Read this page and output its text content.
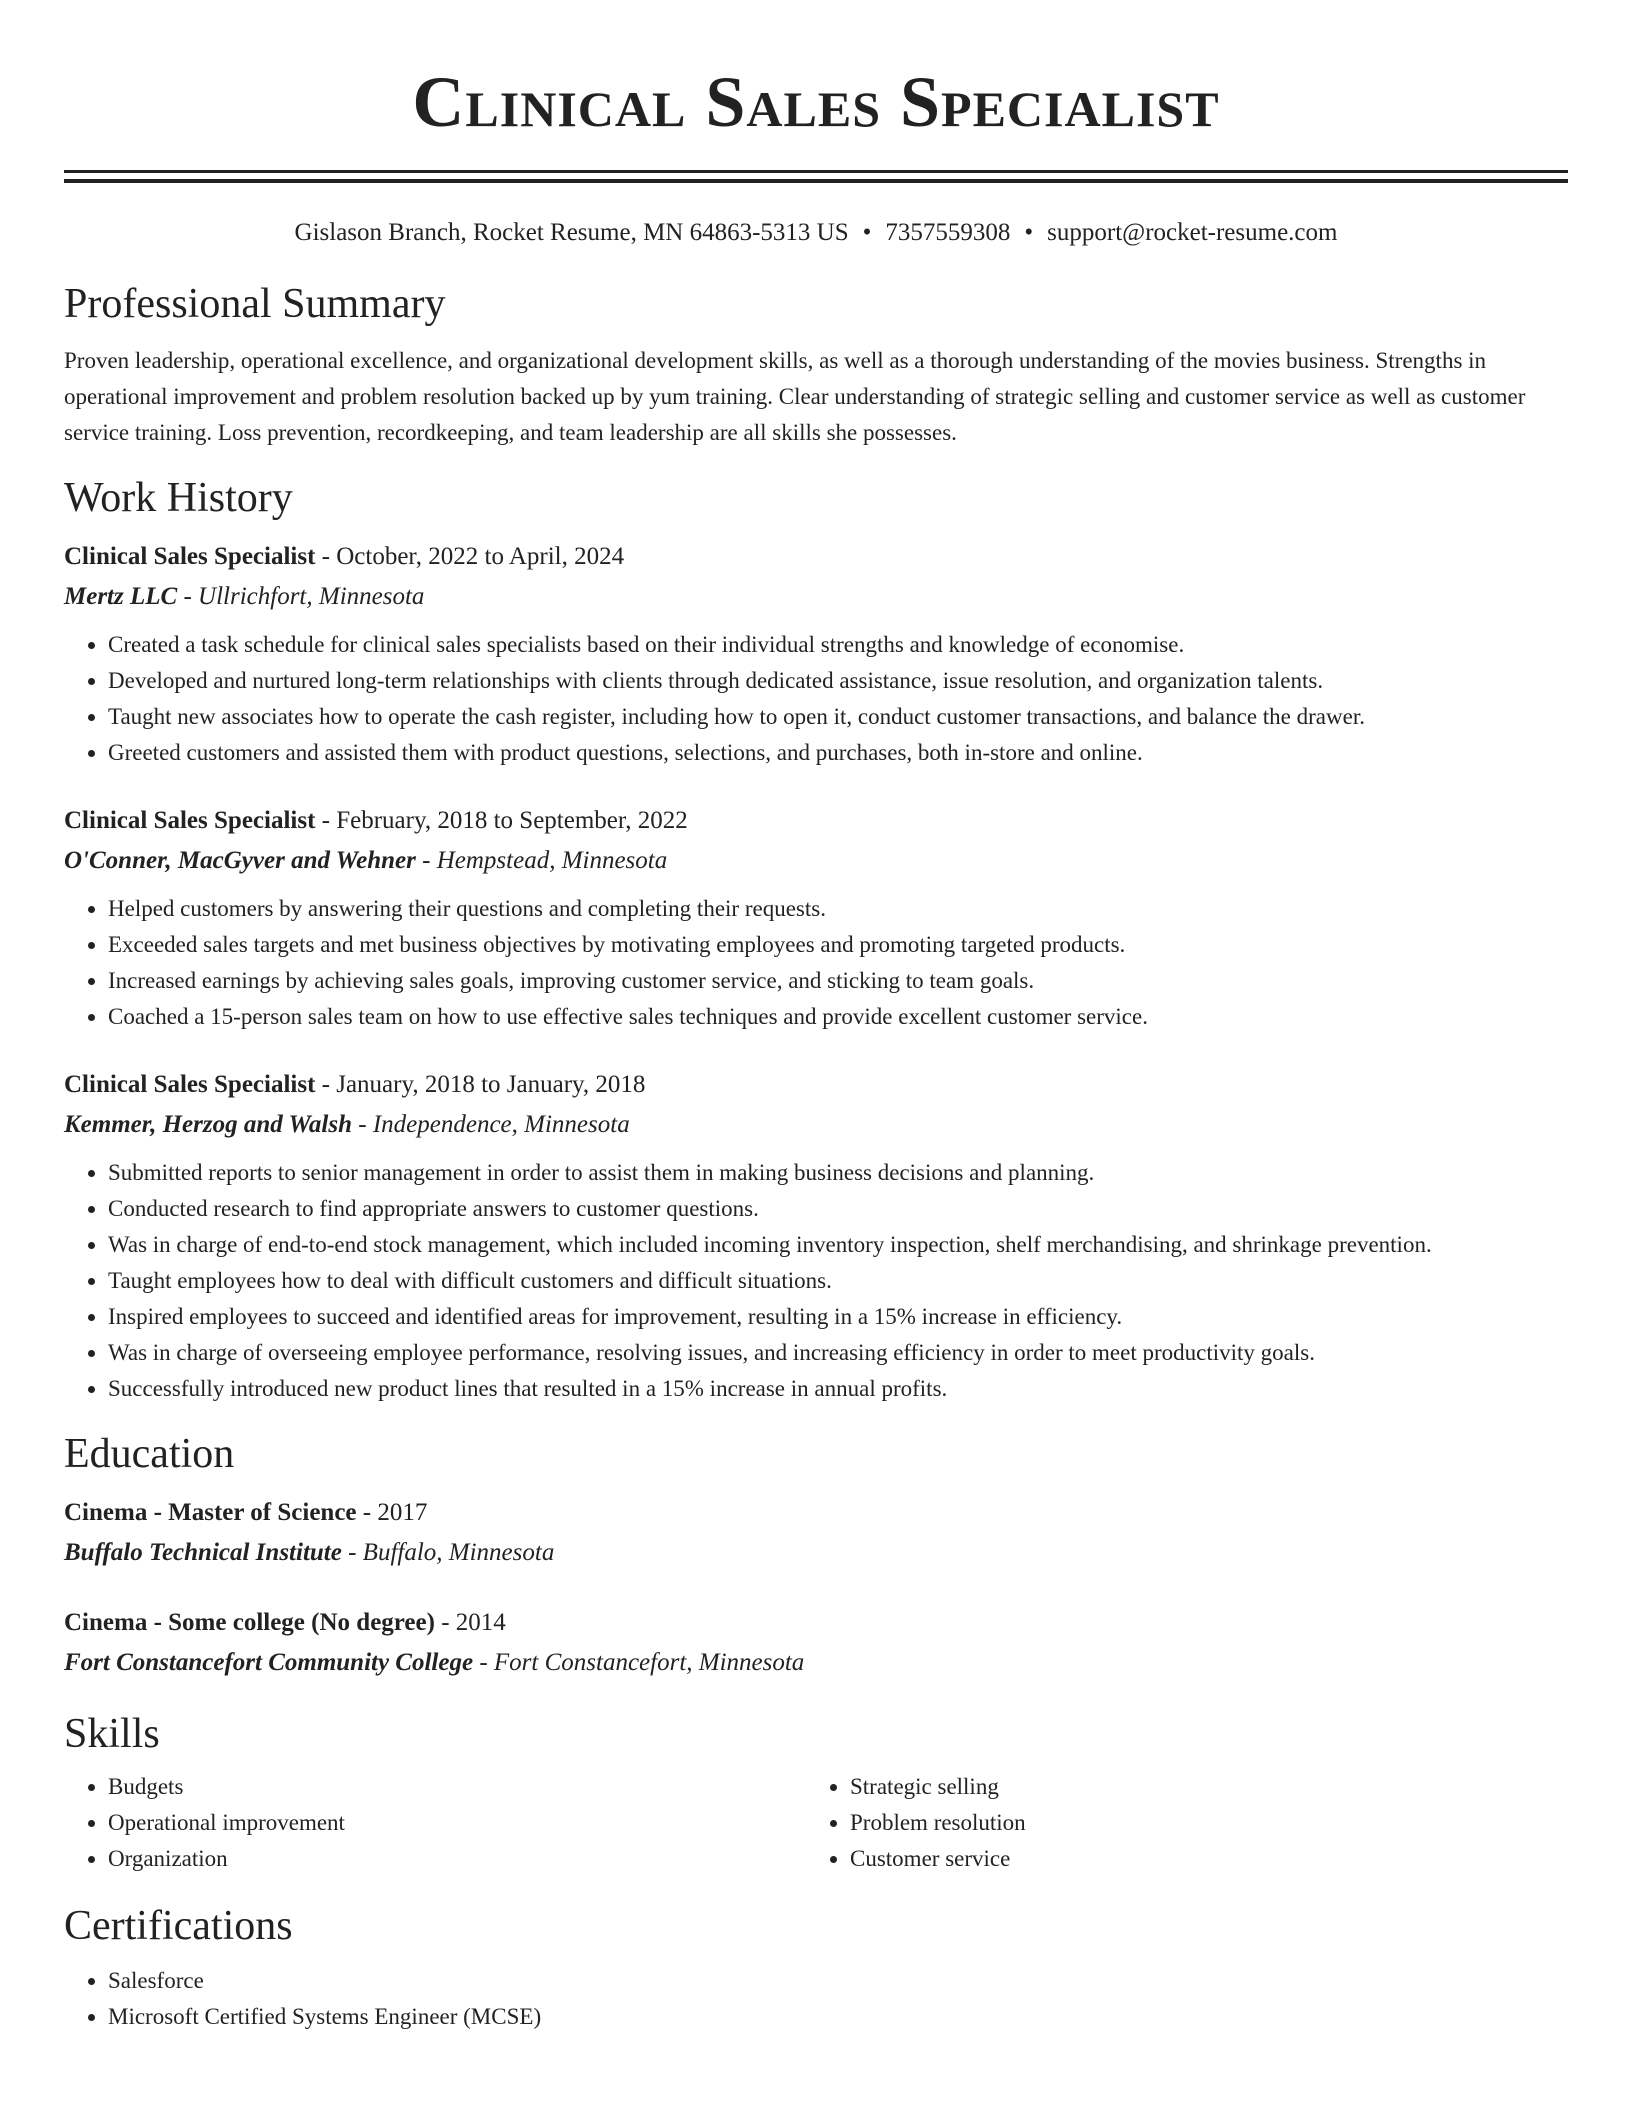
Clinical Sales Specialist
Gislason Branch, Rocket Resume, MN 64863-5313 US • 7357559308 • support@rocket-resume.com
Professional Summary

Proven leadership, operational excellence, and organizational development skills, as well as a thorough understanding of the movies business. Strengths in operational improvement and problem resolution backed up by yum training. Clear understanding of strategic selling and customer service as well as customer service training. Loss prevention, recordkeeping, and team leadership are all skills she possesses.

Work History
Clinical Sales Specialist - October, 2022 to April, 2024
Mertz LLC - Ullrichfort, Minnesota
• Created a task schedule for clinical sales specialists based on their individual strengths and knowledge of economise.
• Developed and nurtured long-term relationships with clients through dedicated assistance, issue resolution, and organization talents.
• Taught new associates how to operate the cash register, including how to open it, conduct customer transactions, and balance the drawer.
• Greeted customers and assisted them with product questions, selections, and purchases, both in-store and online.
Clinical Sales Specialist - February, 2018 to September, 2022
O'Conner, MacGyver and Wehner - Hempstead, Minnesota
• Helped customers by answering their questions and completing their requests.
• Exceeded sales targets and met business objectives by motivating employees and promoting targeted products.
• Increased earnings by achieving sales goals, improving customer service, and sticking to team goals.
• Coached a 15-person sales team on how to use effective sales techniques and provide excellent customer service.
Clinical Sales Specialist - January, 2018 to January, 2018
Kemmer, Herzog and Walsh - Independence, Minnesota
• Submitted reports to senior management in order to assist them in making business decisions and planning.
• Conducted research to find appropriate answers to customer questions.
• Was in charge of end-to-end stock management, which included incoming inventory inspection, shelf merchandising, and shrinkage prevention.
• Taught employees how to deal with difficult customers and difficult situations.
• Inspired employees to succeed and identified areas for improvement, resulting in a 15% increase in efficiency.
• Was in charge of overseeing employee performance, resolving issues, and increasing efficiency in order to meet productivity goals.
• Successfully introduced new product lines that resulted in a 15% increase in annual profits.
Education
Cinema - Master of Science - 2017
Buffalo Technical Institute - Buffalo, Minnesota
Cinema - Some college (No degree) - 2014
Fort Constancefort Community College - Fort Constancefort, Minnesota
Skills
• Budgets
• Operational improvement
• Organization
• Strategic selling
• Problem resolution
• Customer service
Certifications
• Salesforce
• Microsoft Certified Systems Engineer (MCSE)
